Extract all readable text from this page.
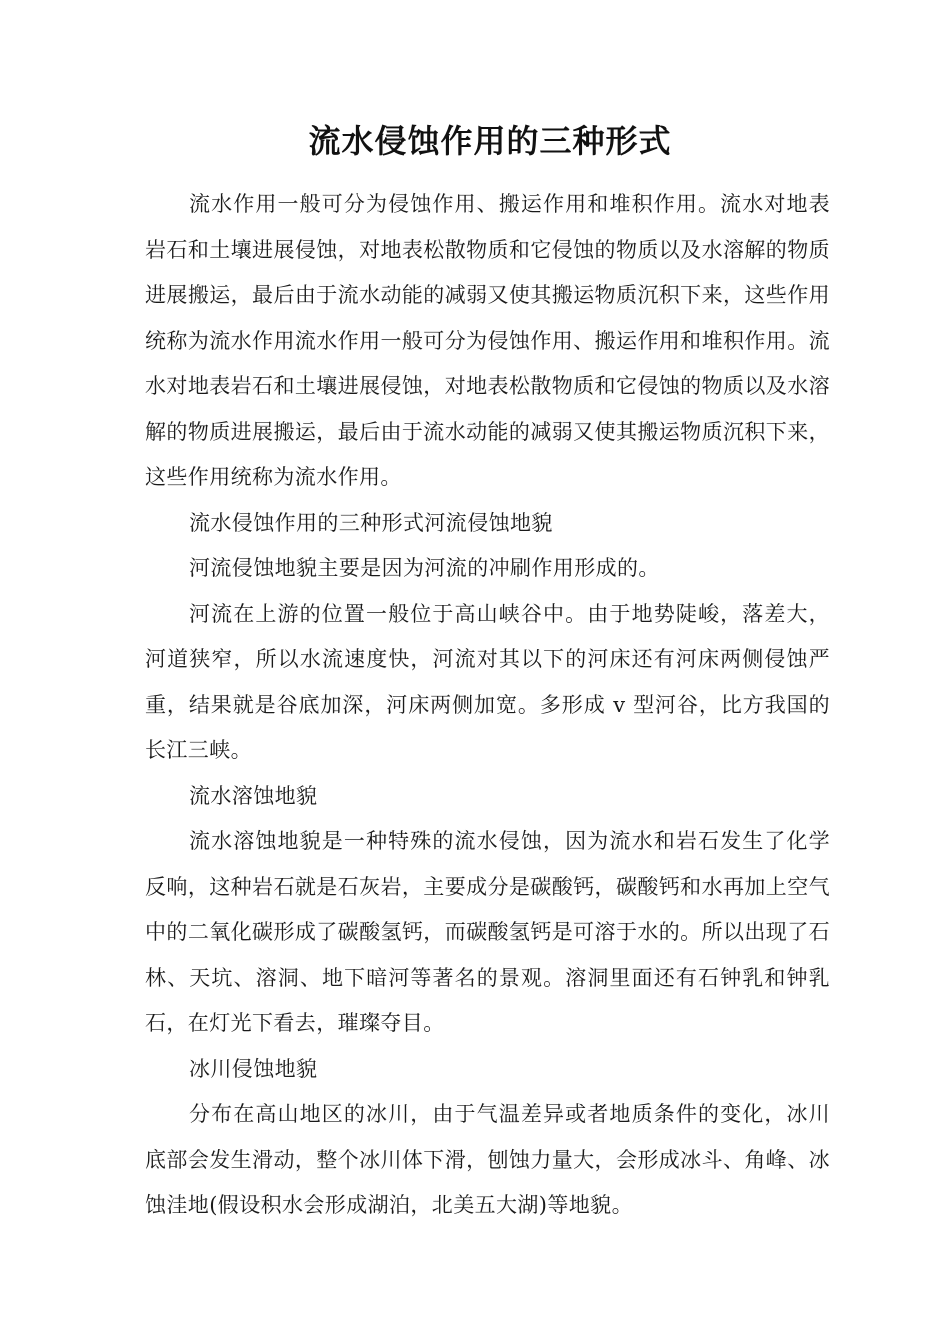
流水侵蚀作用的三种形式

流水作用一般可分为侵蚀作用、搬运作用和堆积作用。流水对地表岩石和土壤进展侵蚀，对地表松散物质和它侵蚀的物质以及水溶解的物质进展搬运，最后由于流水动能的减弱又使其搬运物质沉积下来，这些作用统称为流水作用流水作用一般可分为侵蚀作用、搬运作用和堆积作用。流水对地表岩石和土壤进展侵蚀，对地表松散物质和它侵蚀的物质以及水溶解的物质进展搬运，最后由于流水动能的减弱又使其搬运物质沉积下来，这些作用统称为流水作用。

流水侵蚀作用的三种形式河流侵蚀地貌

河流侵蚀地貌主要是因为河流的冲刷作用形成的。

河流在上游的位置一般位于高山峡谷中。由于地势陡峻，落差大，河道狭窄，所以水流速度快，河流对其以下的河床还有河床两侧侵蚀严重，结果就是谷底加深，河床两侧加宽。多形成 v 型河谷，比方我国的长江三峡。

流水溶蚀地貌

流水溶蚀地貌是一种特殊的流水侵蚀，因为流水和岩石发生了化学反响，这种岩石就是石灰岩，主要成分是碳酸钙，碳酸钙和水再加上空气中的二氧化碳形成了碳酸氢钙，而碳酸氢钙是可溶于水的。所以出现了石林、天坑、溶洞、地下暗河等著名的景观。溶洞里面还有石钟乳和钟乳石，在灯光下看去，璀璨夺目。

冰川侵蚀地貌

分布在高山地区的冰川，由于气温差异或者地质条件的变化，冰川底部会发生滑动，整个冰川体下滑，刨蚀力量大，会形成冰斗、角峰、冰蚀洼地(假设积水会形成湖泊，北美五大湖)等地貌。
